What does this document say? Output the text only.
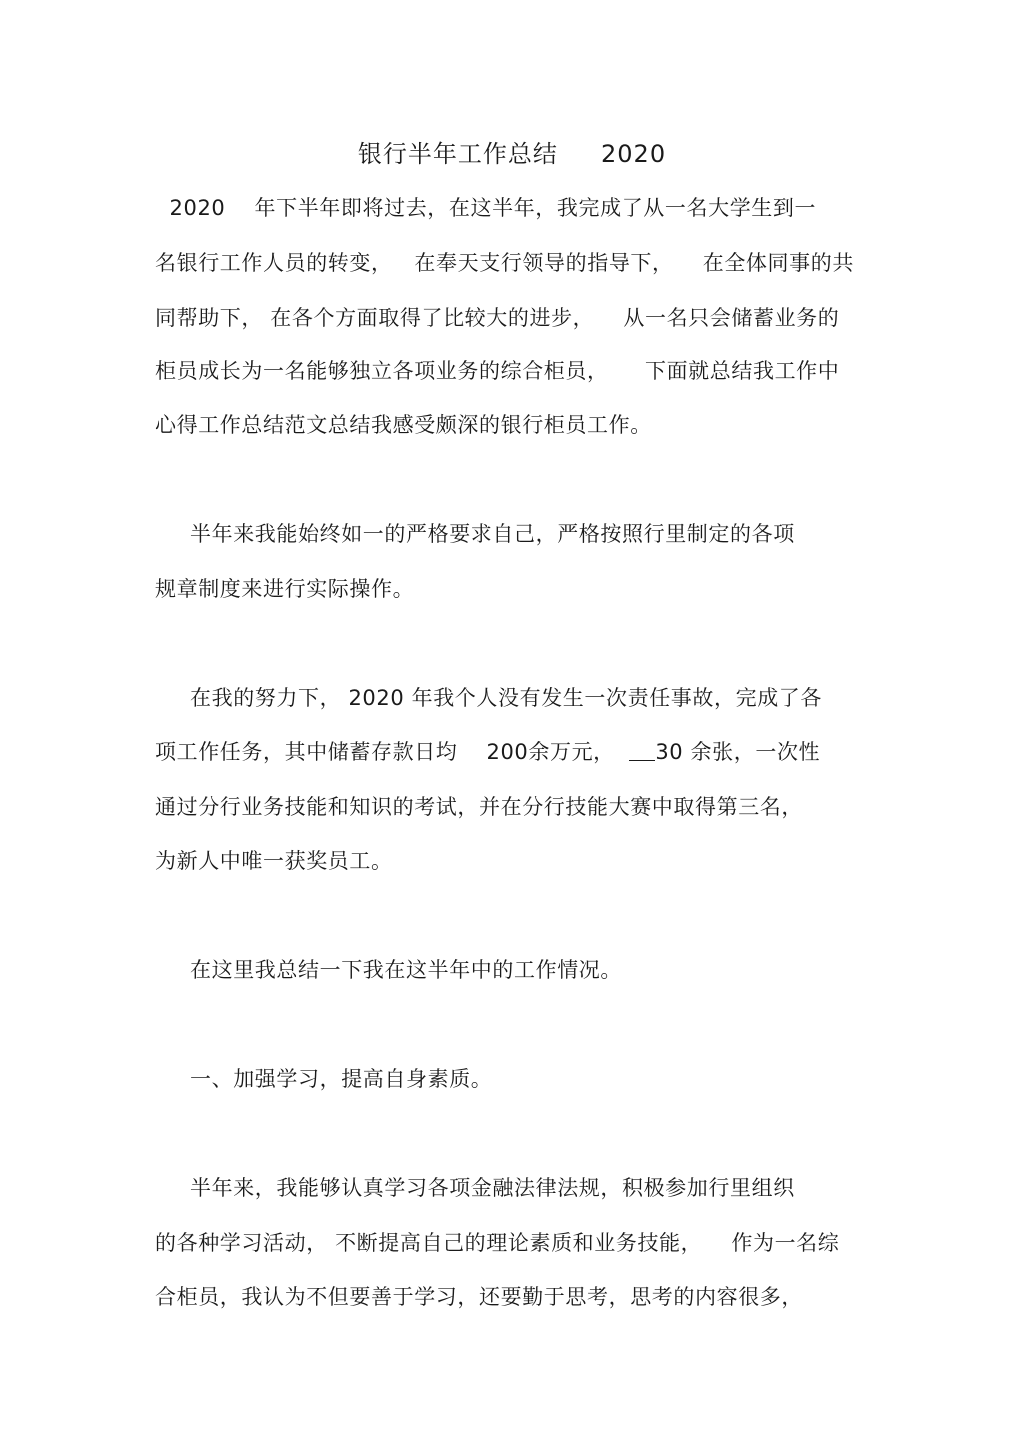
银行半年工作总结     2020
2020    年下半年即将过去，在这半年，我完成了从一名大学生到一
名银行工作人员的转变，   在奉天支行领导的指导下，    在全体同事的共
同帮助下， 在各个方面取得了比较大的进步，    从一名只会储蓄业务的
柜员成长为一名能够独立各项业务的综合柜员，     下面就总结我工作中
心得工作总结范文总结我感受颇深的银行柜员工作。
半年来我能始终如一的严格要求自己，严格按照行里制定的各项
规章制度来进行实际操作。
在我的努力下， 2020 年我个人没有发生一次责任事故，完成了各
项工作任务，其中储蓄存款日均    200余万元，  30 余张，一次性
通过分行业务技能和知识的考试，并在分行技能大赛中取得第三名，
为新人中唯一获奖员工。
在这里我总结一下我在这半年中的工作情况。
一、加强学习，提高自身素质。
半年来，我能够认真学习各项金融法律法规，积极参加行里组织
的各种学习活动， 不断提高自己的理论素质和业务技能，    作为一名综
合柜员，我认为不但要善于学习，还要勤于思考，思考的内容很多，
